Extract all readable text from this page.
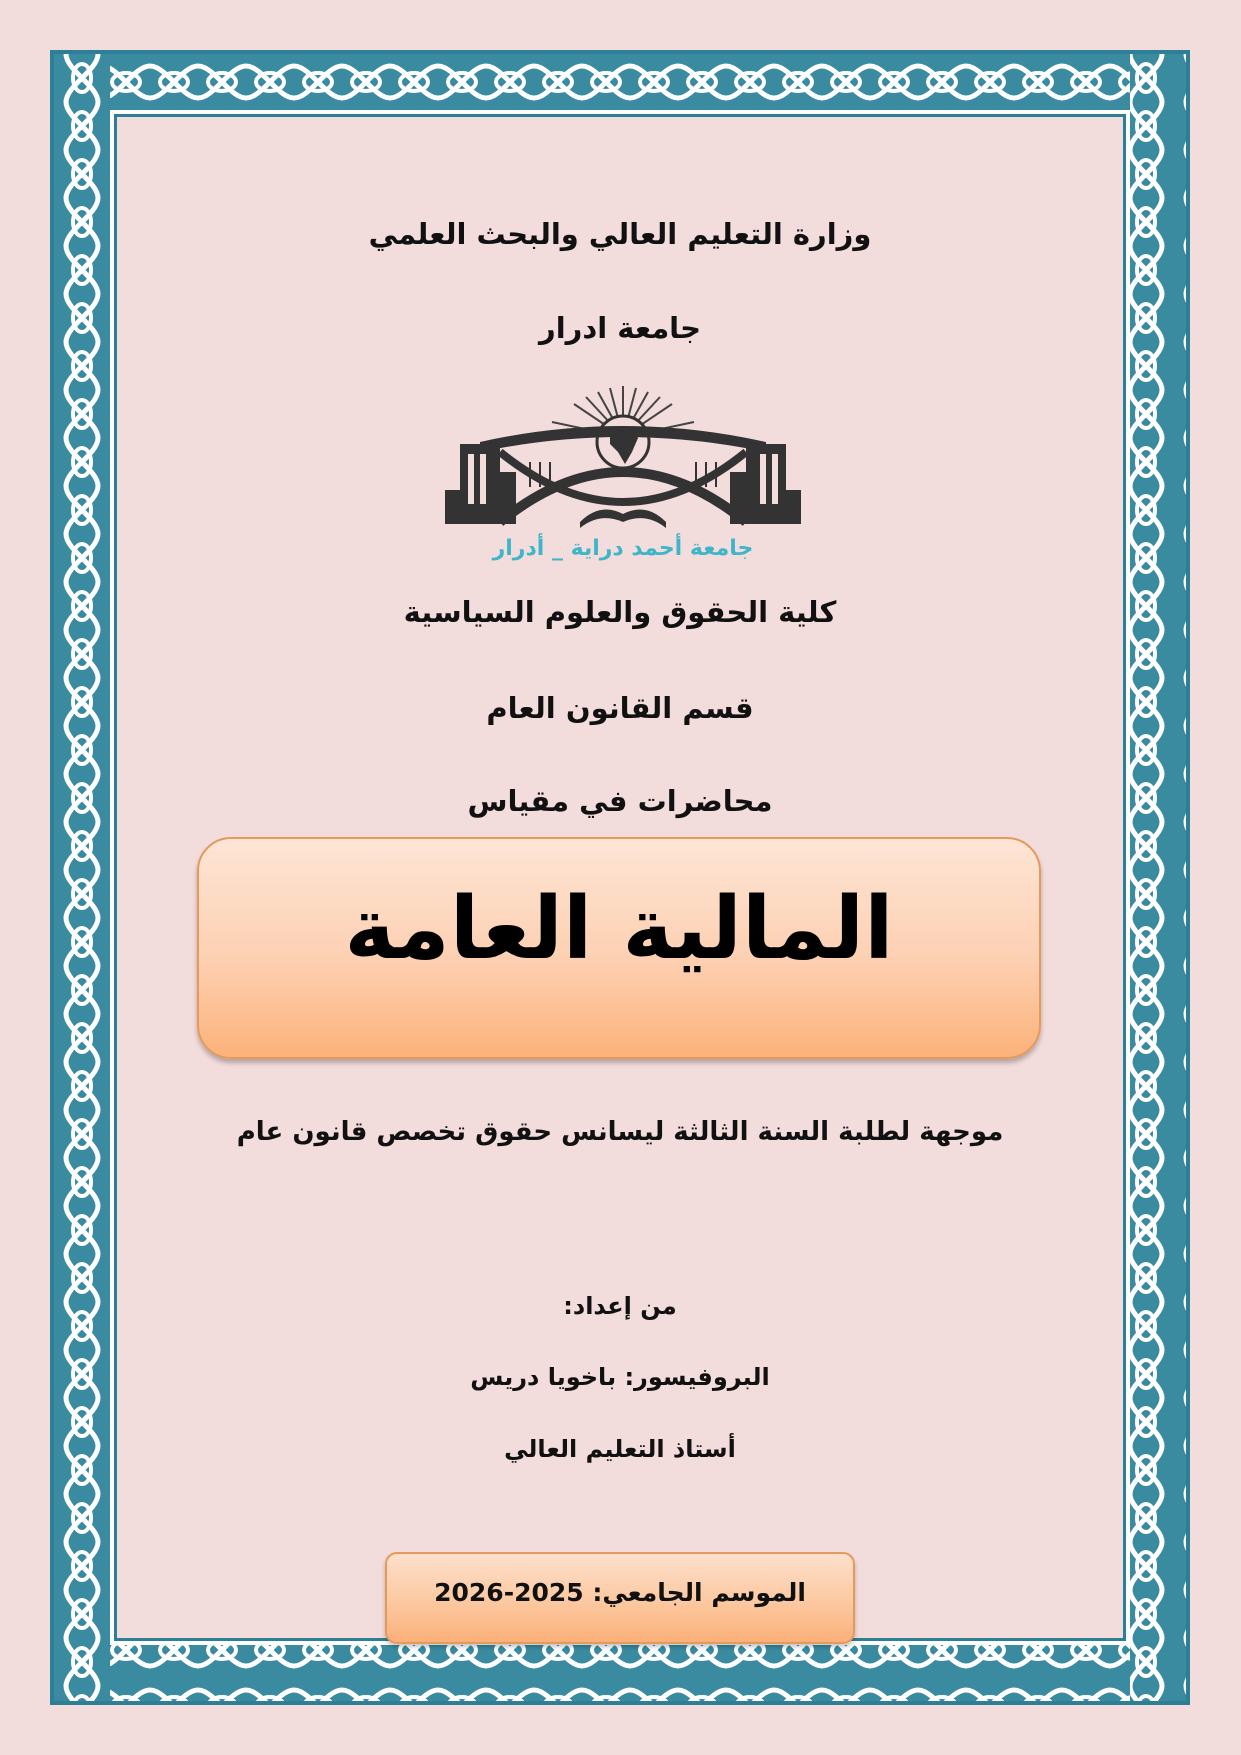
وزارة التعليم العالي والبحث العلمي
جامعة ادرار
جامعة أحمد دراية _ أدرار
كلية الحقوق والعلوم السياسية
قسم القانون العام
محاضرات في مقياس
المالية العامة
موجهة لطلبة السنة الثالثة ليسانس حقوق تخصص قانون عام
من إعداد:
البروفيسور: باخويا دريس
أستاذ التعليم العالي
الموسم الجامعي: 2025-2026
